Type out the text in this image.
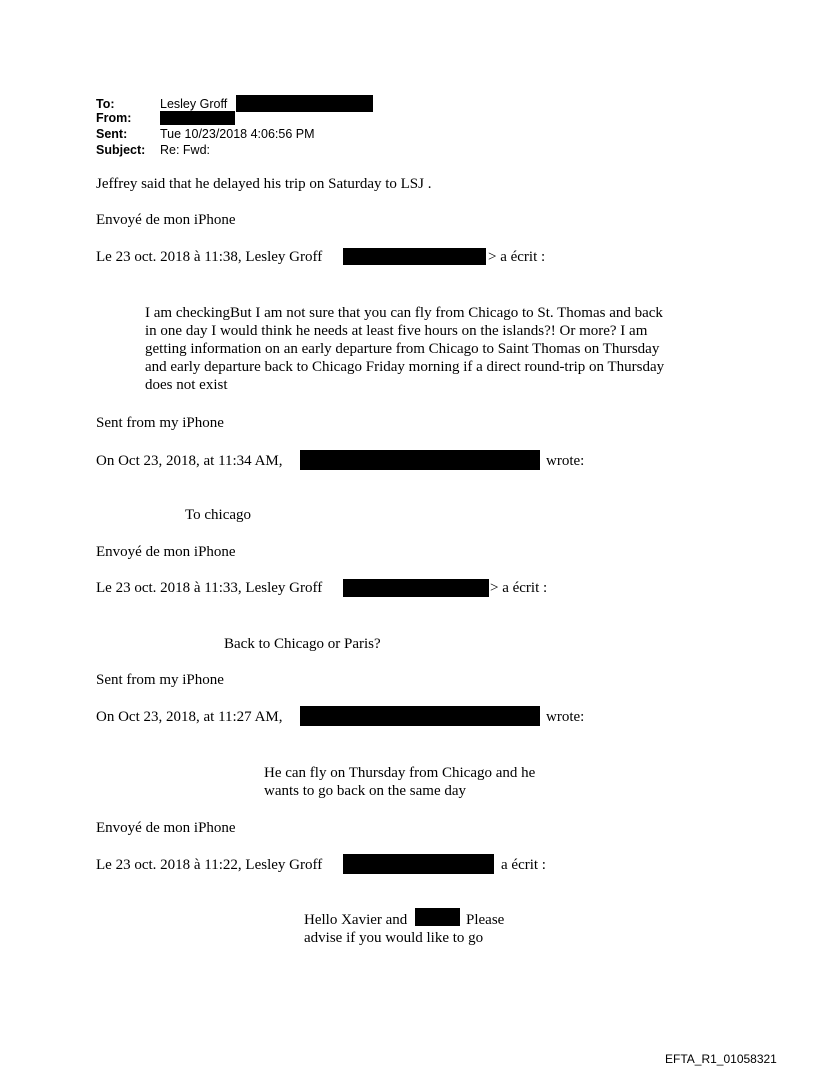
To:	Lesley Groff
From:
Sent:	Tue 10/23/2018 4:06:56 PM
Subject: Re: Fwd:
Jeffrey said that he delayed his trip on Saturday to LSJ .
Envoyé de mon iPhone
Le 23 oct. 2018 à 11:38, Lesley Groff	> a écrit :
I am checkingBut I am not sure that you can fly from Chicago to St. Thomas and back in one day I would think he needs at least five hours on the islands?! Or more? I am getting information on an early departure from Chicago to Saint Thomas on Thursday and early departure back to Chicago Friday morning if a direct round-trip on Thursday does not exist
Sent from my iPhone
On Oct 23, 2018, at 11:34 AM,	wrote:
To chicago
Envoyé de mon iPhone
Le 23 oct. 2018 à 11:33, Lesley Groff	> a écrit :
Back to Chicago or Paris?
Sent from my iPhone
On Oct 23, 2018, at 11:27 AM,	wrote:
He can fly on Thursday from Chicago and he
wants to go back on the same day
Envoyé de mon iPhone
Le 23 oct. 2018 à 11:22, Lesley Groff	a écrit :
Hello Xavier and	Please
advise if you would like to go
EFTA_R1_01058321
